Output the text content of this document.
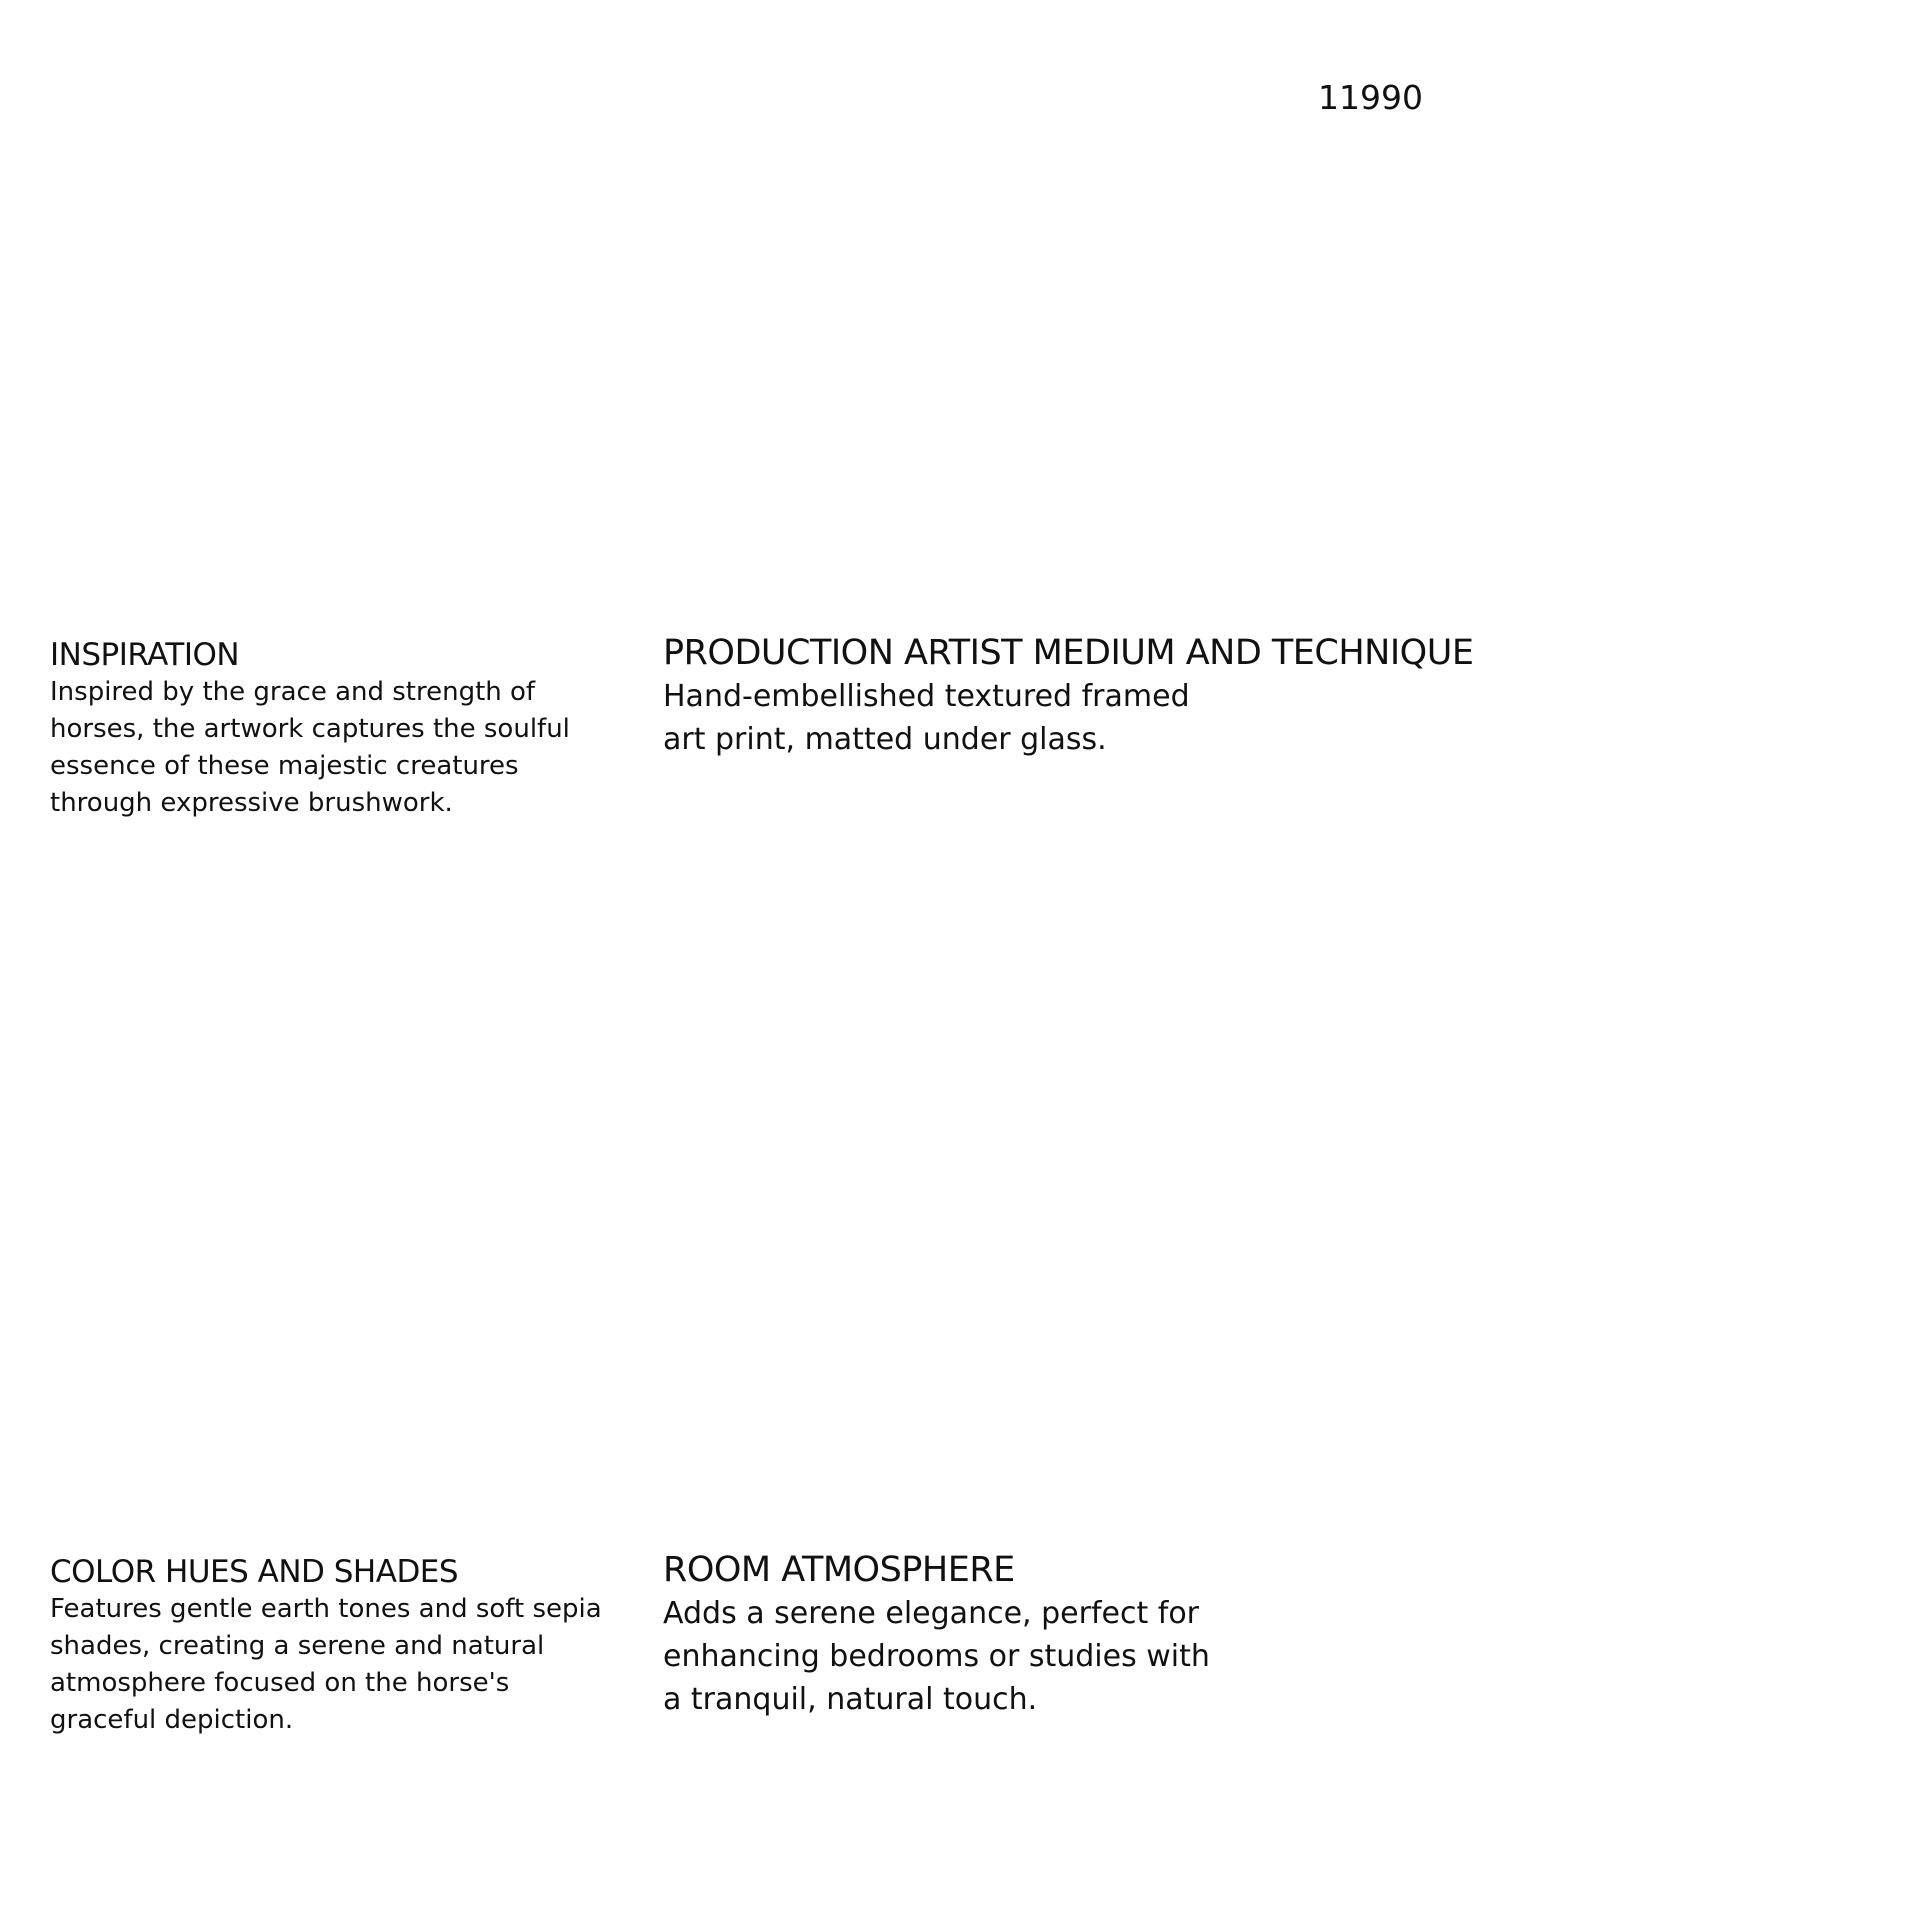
11990
INSPIRATION

Inspired by the grace and strength of horses, the artwork captures the soulful essence of these majestic creatures through expressive brushwork.

PRODUCTION ARTIST MEDIUM AND TECHNIQUE

Hand-embellished textured framed art print, matted under glass.

COLOR HUES AND SHADES

Features gentle earth tones and soft sepia shades, creating a serene and natural atmosphere focused on the horse's graceful depiction.

ROOM ATMOSPHERE

Adds a serene elegance, perfect for enhancing bedrooms or studies with a tranquil, natural touch.
